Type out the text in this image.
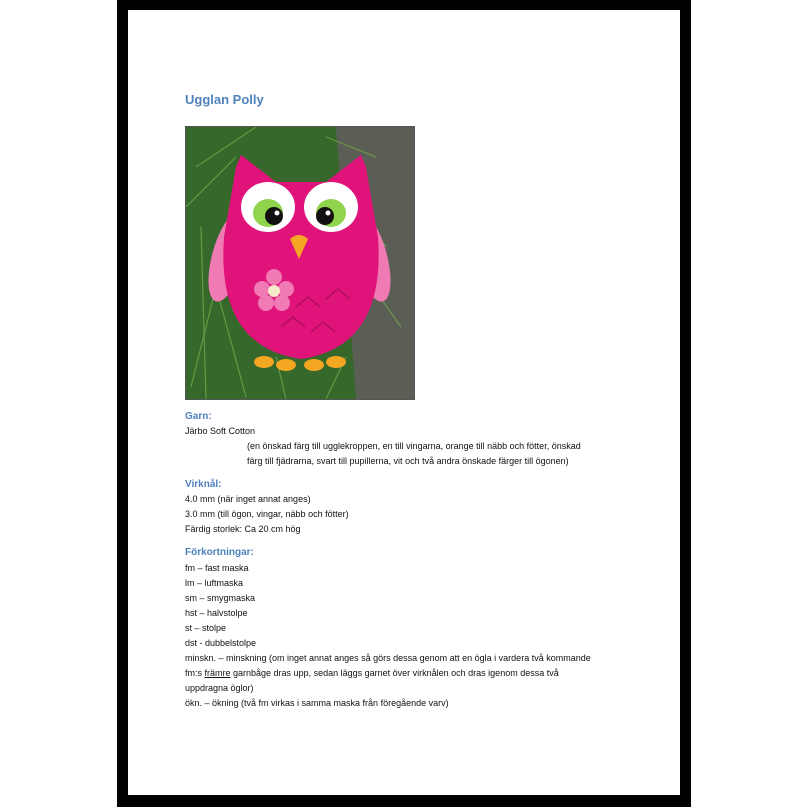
Ugglan Polly
Garn:
Järbo Soft Cotton
(en önskad färg till ugglekroppen, en till vingarna, orange till näbb och fötter, önskad
färg till fjädrarna, svart till pupillerna, vit och två andra önskade färger till ögonen)
Virknål:
4.0 mm (när inget annat anges)
3.0 mm (till ögon, vingar, näbb och fötter)
Färdig storlek: Ca 20 cm hög
Förkortningar:
fm – fast maska
lm – luftmaska
sm – smygmaska
hst – halvstolpe
st – stolpe
dst - dubbelstolpe
minskn. – minskning (om inget annat anges så görs dessa genom att en ögla i vardera två kommande
fm:s främre garnbåge dras upp, sedan läggs garnet över virknålen och dras igenom dessa två
uppdragna öglor)
ökn. – ökning (två fm virkas i samma maska från föregående varv)
